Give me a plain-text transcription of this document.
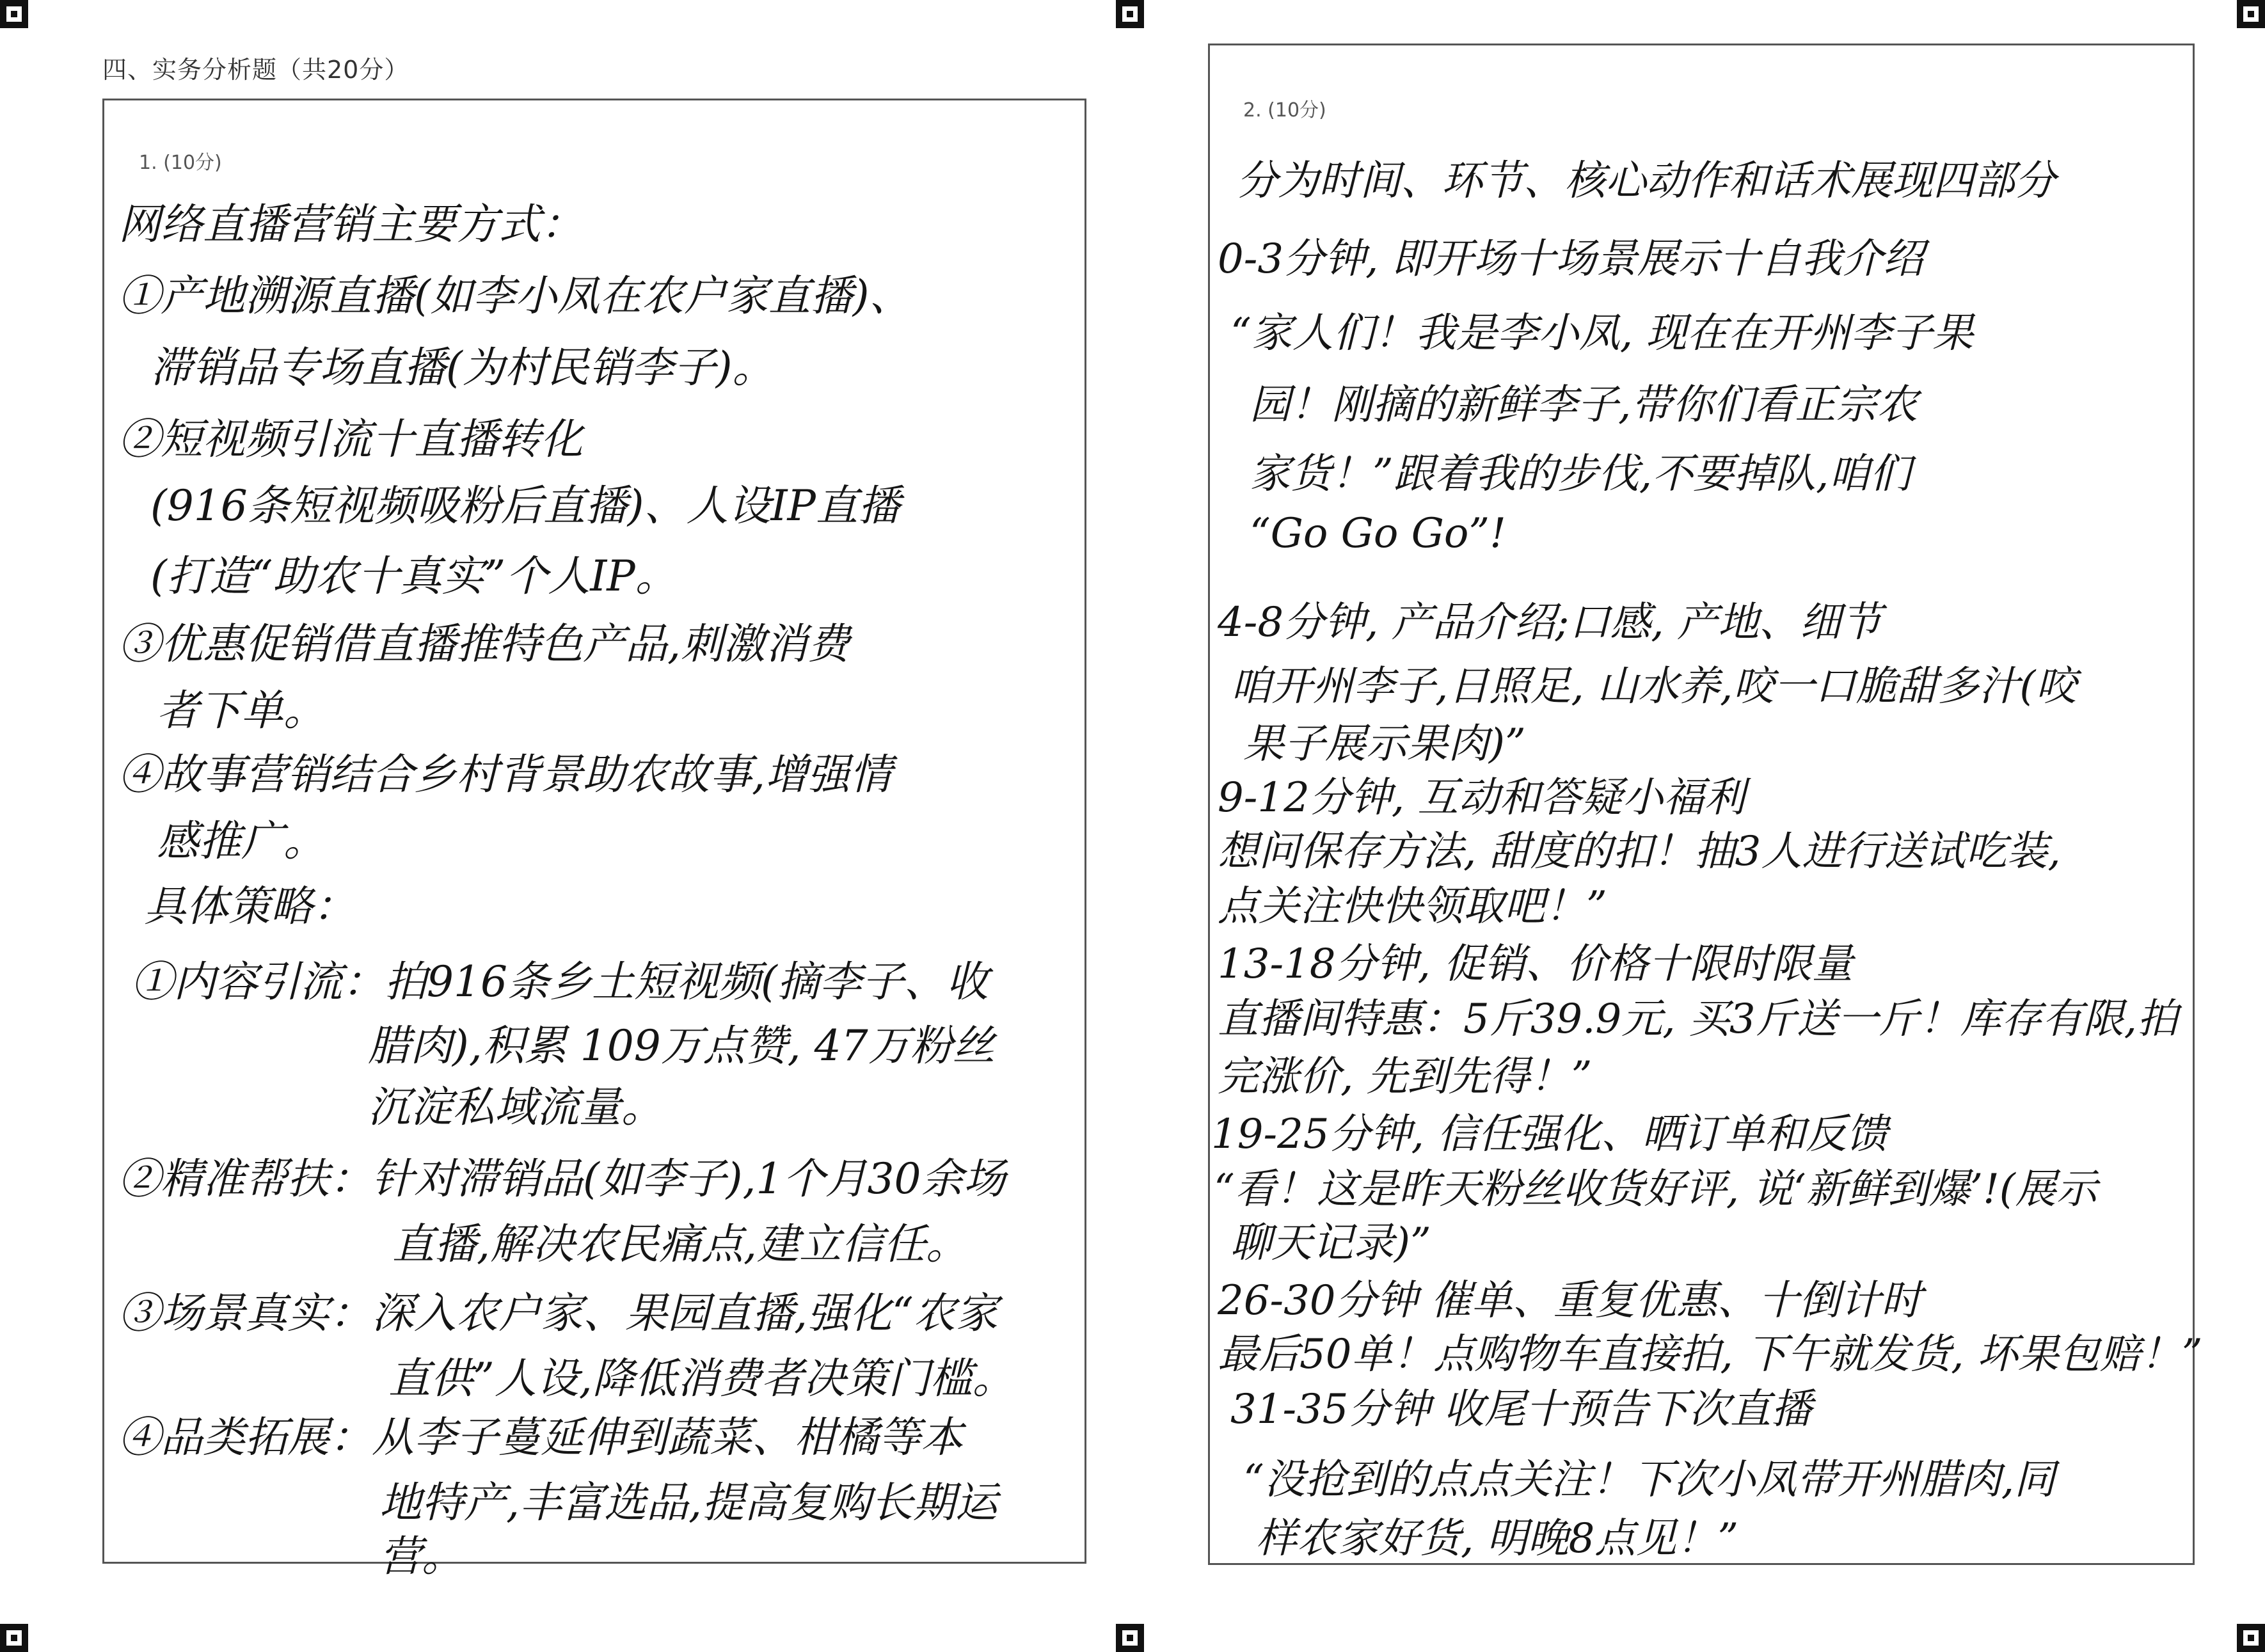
四、实务分析题（共20分）
1. (10分)
网络直播营销主要方式：
①产地溯源直播(如李小凤在农户家直播)、
滞销品专场直播(为村民销李子)。
②短视频引流十直播转化
(916条短视频吸粉后直播)、人设IP直播
(打造“助农十真实”个人IP。
③优惠促销借直播推特色产品,刺激消费
者下单。
④故事营销结合乡村背景助农故事,增强情
感推广。
具体策略：
①内容引流：拍916条乡土短视频(摘李子、收
腊肉),积累 109万点赞, 47万粉丝
沉淀私域流量。
②精准帮扶：针对滞销品(如李子),1个月30余场
直播,解决农民痛点,建立信任。
③场景真实：深入农户家、果园直播,强化“农家
直供”人设,降低消费者决策门槛。
④品类拓展：从李子蔓延伸到蔬菜、柑橘等本
地特产,丰富选品,提高复购长期运
营。
2. (10分)
分为时间、环节、核心动作和话术展现四部分
0-3分钟, 即开场十场景展示十自我介绍
“家人们！我是李小凤, 现在在开州李子果
园！刚摘的新鲜李子,带你们看正宗农
家货！”跟着我的步伐,不要掉队,咱们
“Go Go Go”!
4-8分钟, 产品介绍;口感, 产地、细节
咱开州李子,日照足, 山水养,咬一口脆甜多汁(咬
果子展示果肉)”
9-12分钟, 互动和答疑小福利
想问保存方法, 甜度的扣！抽3人进行送试吃装,
点关注快快领取吧！”
13-18分钟, 促销、价格十限时限量
直播间特惠：5斤39.9元, 买3斤送一斤！库存有限,拍
完涨价, 先到先得！”
19-25分钟, 信任强化、晒订单和反馈
“看！这是昨天粉丝收货好评, 说‘新鲜到爆’!(展示
聊天记录)”
26-30分钟 催单、重复优惠、十倒计时
最后50单！点购物车直接拍, 下午就发货, 坏果包赔！”
31-35分钟 收尾十预告下次直播
“没抢到的点点关注！下次小凤带开州腊肉,同
样农家好货, 明晚8点见！”
